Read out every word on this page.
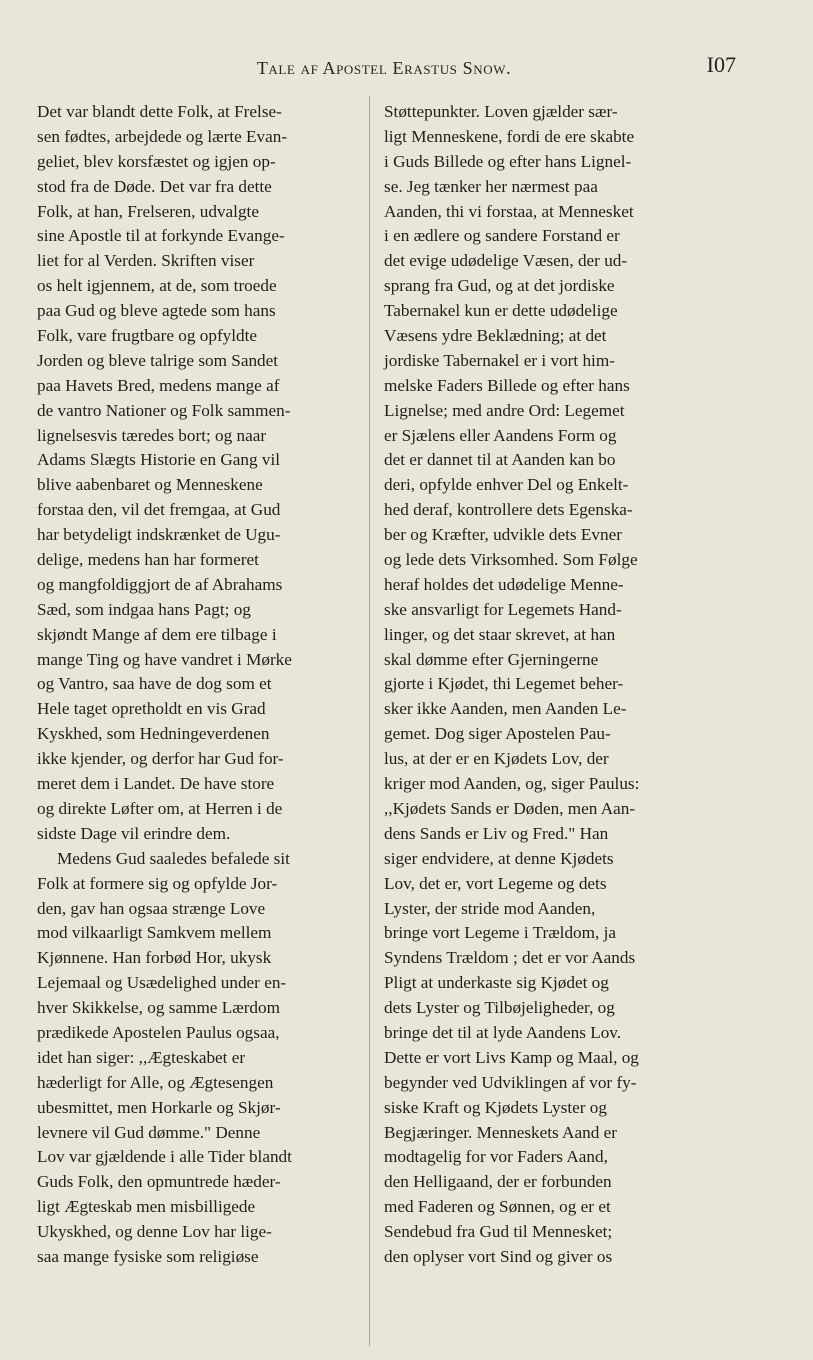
Tale af Apostel Erastus Snow.	I07
Det var blandt dette Folk, at Frelse-
sen fødtes, arbejdede og lærte Evan-
geliet, blev korsfæstet og igjen op-
stod fra de Døde. Det var fra dette
Folk, at han, Frelseren, udvalgte
sine Apostle til at forkynde Evange-
liet for al Verden. Skriften viser
os helt igjennem, at de, som troede
paa Gud og bleve agtede som hans
Folk, vare frugtbare og opfyldte
Jorden og bleve talrige som Sandet
paa Havets Bred, medens mange af
de vantro Nationer og Folk sammen-
lignelsesvis tæredes bort; og naar
Adams Slægts Historie en Gang vil
blive aabenbaret og Menneskene
forstaa den, vil det fremgaa, at Gud
har betydeligt indskrænket de Ugu-
delige, medens han har formeret
og mangfoldiggjort de af Abrahams
Sæd, som indgaa hans Pagt; og
skjøndt Mange af dem ere tilbage i
mange Ting og have vandret i Mørke
og Vantro, saa have de dog som et
Hele taget opretholdt en vis Grad
Kyskhed, som Hedningeverdenen
ikke kjender, og derfor har Gud for-
meret dem i Landet. De have store
og direkte Løfter om, at Herren i de
sidste Dage vil erindre dem.
Medens Gud saaledes befalede sit
Folk at formere sig og opfylde Jor-
den, gav han ogsaa strænge Love
mod vilkaarligt Samkvem mellem
Kjønnene. Han forbød Hor, ukysk
Lejemaal og Usædelighed under en-
hver Skikkelse, og samme Lærdom
prædikede Apostelen Paulus ogsaa,
idet han siger: ,,Ægteskabet er
hæderligt for Alle, og Ægtesengen
ubesmittet, men Horkarle og Skjør-
levnere vil Gud dømme." Denne
Lov var gjældende i alle Tider blandt
Guds Folk, den opmuntrede hæder-
ligt Ægteskab men misbilligede
Ukyskhed, og denne Lov har lige-
saa mange fysiske som religiøse
Støttepunkter. Loven gjælder sær-
ligt Menneskene, fordi de ere skabte
i Guds Billede og efter hans Lignel-
se. Jeg tænker her nærmest paa
Aanden, thi vi forstaa, at Mennesket
i en ædlere og sandere Forstand er
det evige udødelige Væsen, der ud-
sprang fra Gud, og at det jordiske
Tabernakel kun er dette udødelige
Væsens ydre Beklædning; at det
jordiske Tabernakel er i vort him-
melske Faders Billede og efter hans
Lignelse; med andre Ord: Legemet
er Sjælens eller Aandens Form og
det er dannet til at Aanden kan bo
deri, opfylde enhver Del og Enkelt-
hed deraf, kontrollere dets Egenska-
ber og Kræfter, udvikle dets Evner
og lede dets Virksomhed. Som Følge
heraf holdes det udødelige Menne-
ske ansvarligt for Legemets Hand-
linger, og det staar skrevet, at han
skal dømme efter Gjerningerne
gjorte i Kjødet, thi Legemet beher-
sker ikke Aanden, men Aanden Le-
gemet. Dog siger Apostelen Pau-
lus, at der er en Kjødets Lov, der
kriger mod Aanden, og, siger Paulus:
,,Kjødets Sands er Døden, men Aan-
dens Sands er Liv og Fred." Han
siger endvidere, at denne Kjødets
Lov, det er, vort Legeme og dets
Lyster, der stride mod Aanden,
bringe vort Legeme i Trældom, ja
Syndens Trældom ; det er vor Aands
Pligt at underkaste sig Kjødet og
dets Lyster og Tilbøjeligheder, og
bringe det til at lyde Aandens Lov.
Dette er vort Livs Kamp og Maal, og
begynder ved Udviklingen af vor fy-
siske Kraft og Kjødets Lyster og
Begjæringer. Menneskets Aand er
modtagelig for vor Faders Aand,
den Helligaand, der er forbunden
med Faderen og Sønnen, og er et
Sendebud fra Gud til Mennesket;
den oplyser vort Sind og giver os
